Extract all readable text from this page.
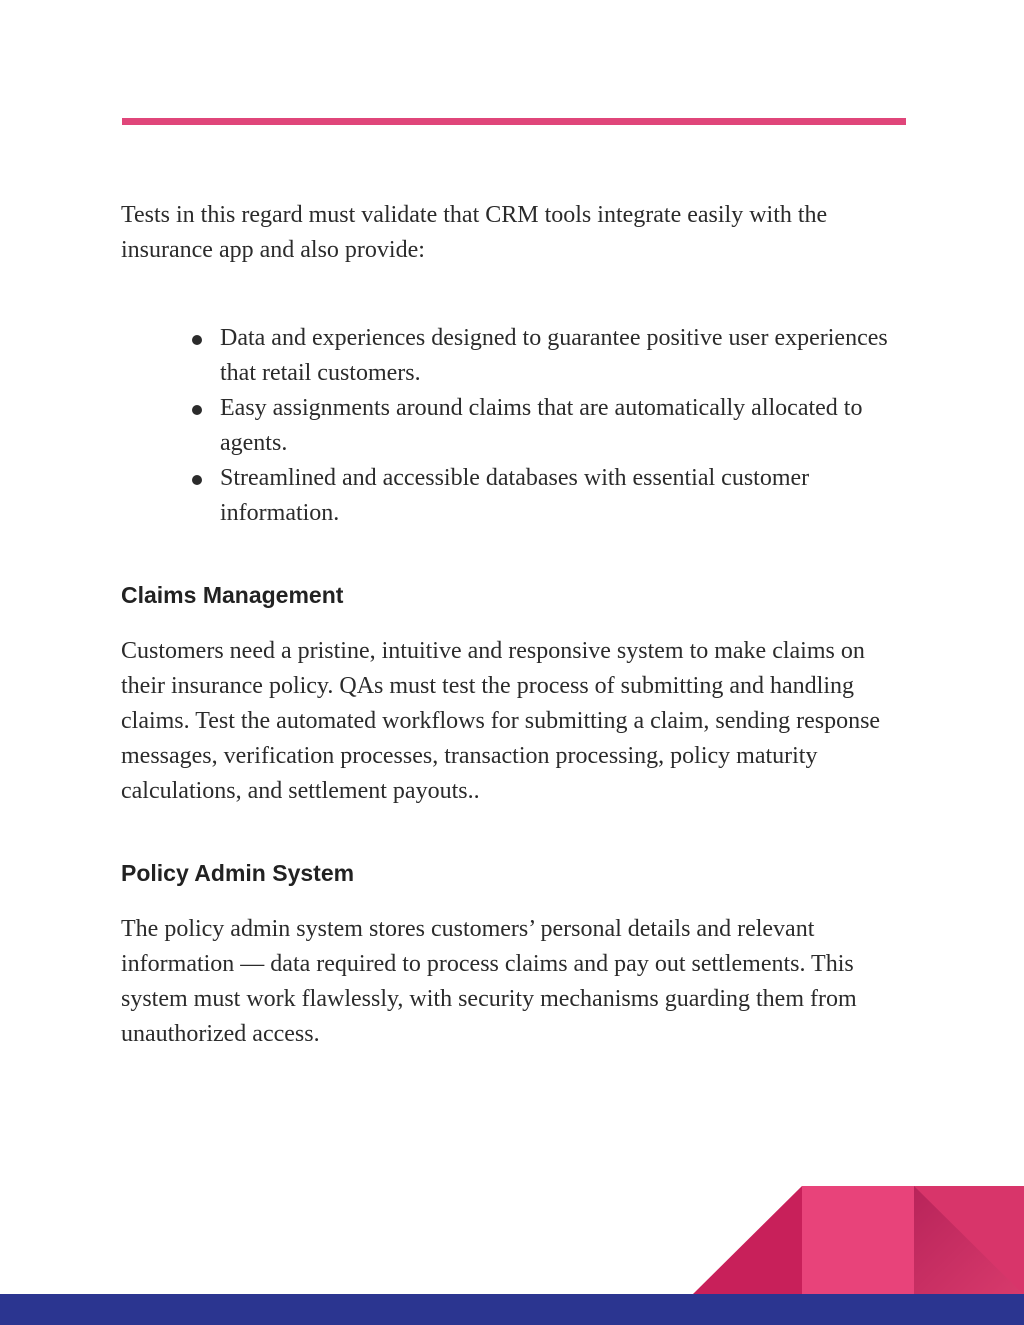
Tests in this regard must validate that CRM tools integrate easily with the insurance app and also provide:

Data and experiences designed to guarantee positive user experiences that retail customers.
Easy assignments around claims that are automatically allocated to agents.
Streamlined and accessible databases with essential customer information.
Claims Management

Customers need a pristine, intuitive and responsive system to make claims on their insurance policy. QAs must test the process of submitting and handling claims. Test the automated workflows for submitting a claim, sending response messages, verification processes, transaction processing, policy maturity calculations, and settlement payouts..

Policy Admin System

The policy admin system stores customers’ personal details and relevant information — data required to process claims and pay out settlements. This system must work flawlessly, with security mechanisms guarding them from unauthorized access.
